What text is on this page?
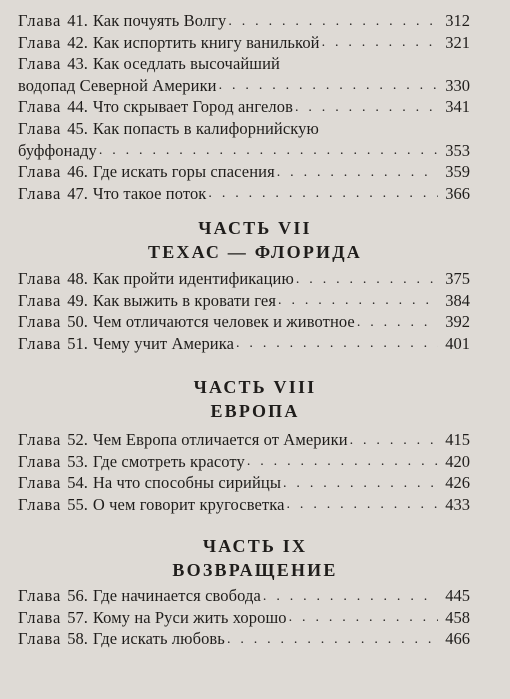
Глава 41. Как почуять Волгу . . .	312
Глава 42. Как испортить книгу ванилькой . . .	321
Глава 43. Как оседлать высочайший
водопад Северной Америки . . .	330
Глава 44. Что скрывает Город ангелов . . .	341
Глава 45. Как попасть в калифорнийскую
буффонаду . . .	353
Глава 46. Где искать горы спасения . . .	359
Глава 47. Что такое поток . . .	366
ЧАСТЬ VII
ТЕХАС — ФЛОРИДА
Глава 48. Как пройти идентификацию . . .	375
Глава 49. Как выжить в кровати гея . . .	384
Глава 50. Чем отличаются человек и животное . . .	392
Глава 51. Чему учит Америка . . .	401
ЧАСТЬ VIII
ЕВРОПА
Глава 52. Чем Европа отличается от Америки . . .	415
Глава 53. Где смотреть красоту . . .	420
Глава 54. На что способны сирийцы . . .	426
Глава 55. О чем говорит кругосветка . . .	433
ЧАСТЬ IX
ВОЗВРАЩЕНИЕ
Глава 56. Где начинается свобода . . .	445
Глава 57. Кому на Руси жить хорошо . . .	458
Глава 58. Где искать любовь . . .	466
